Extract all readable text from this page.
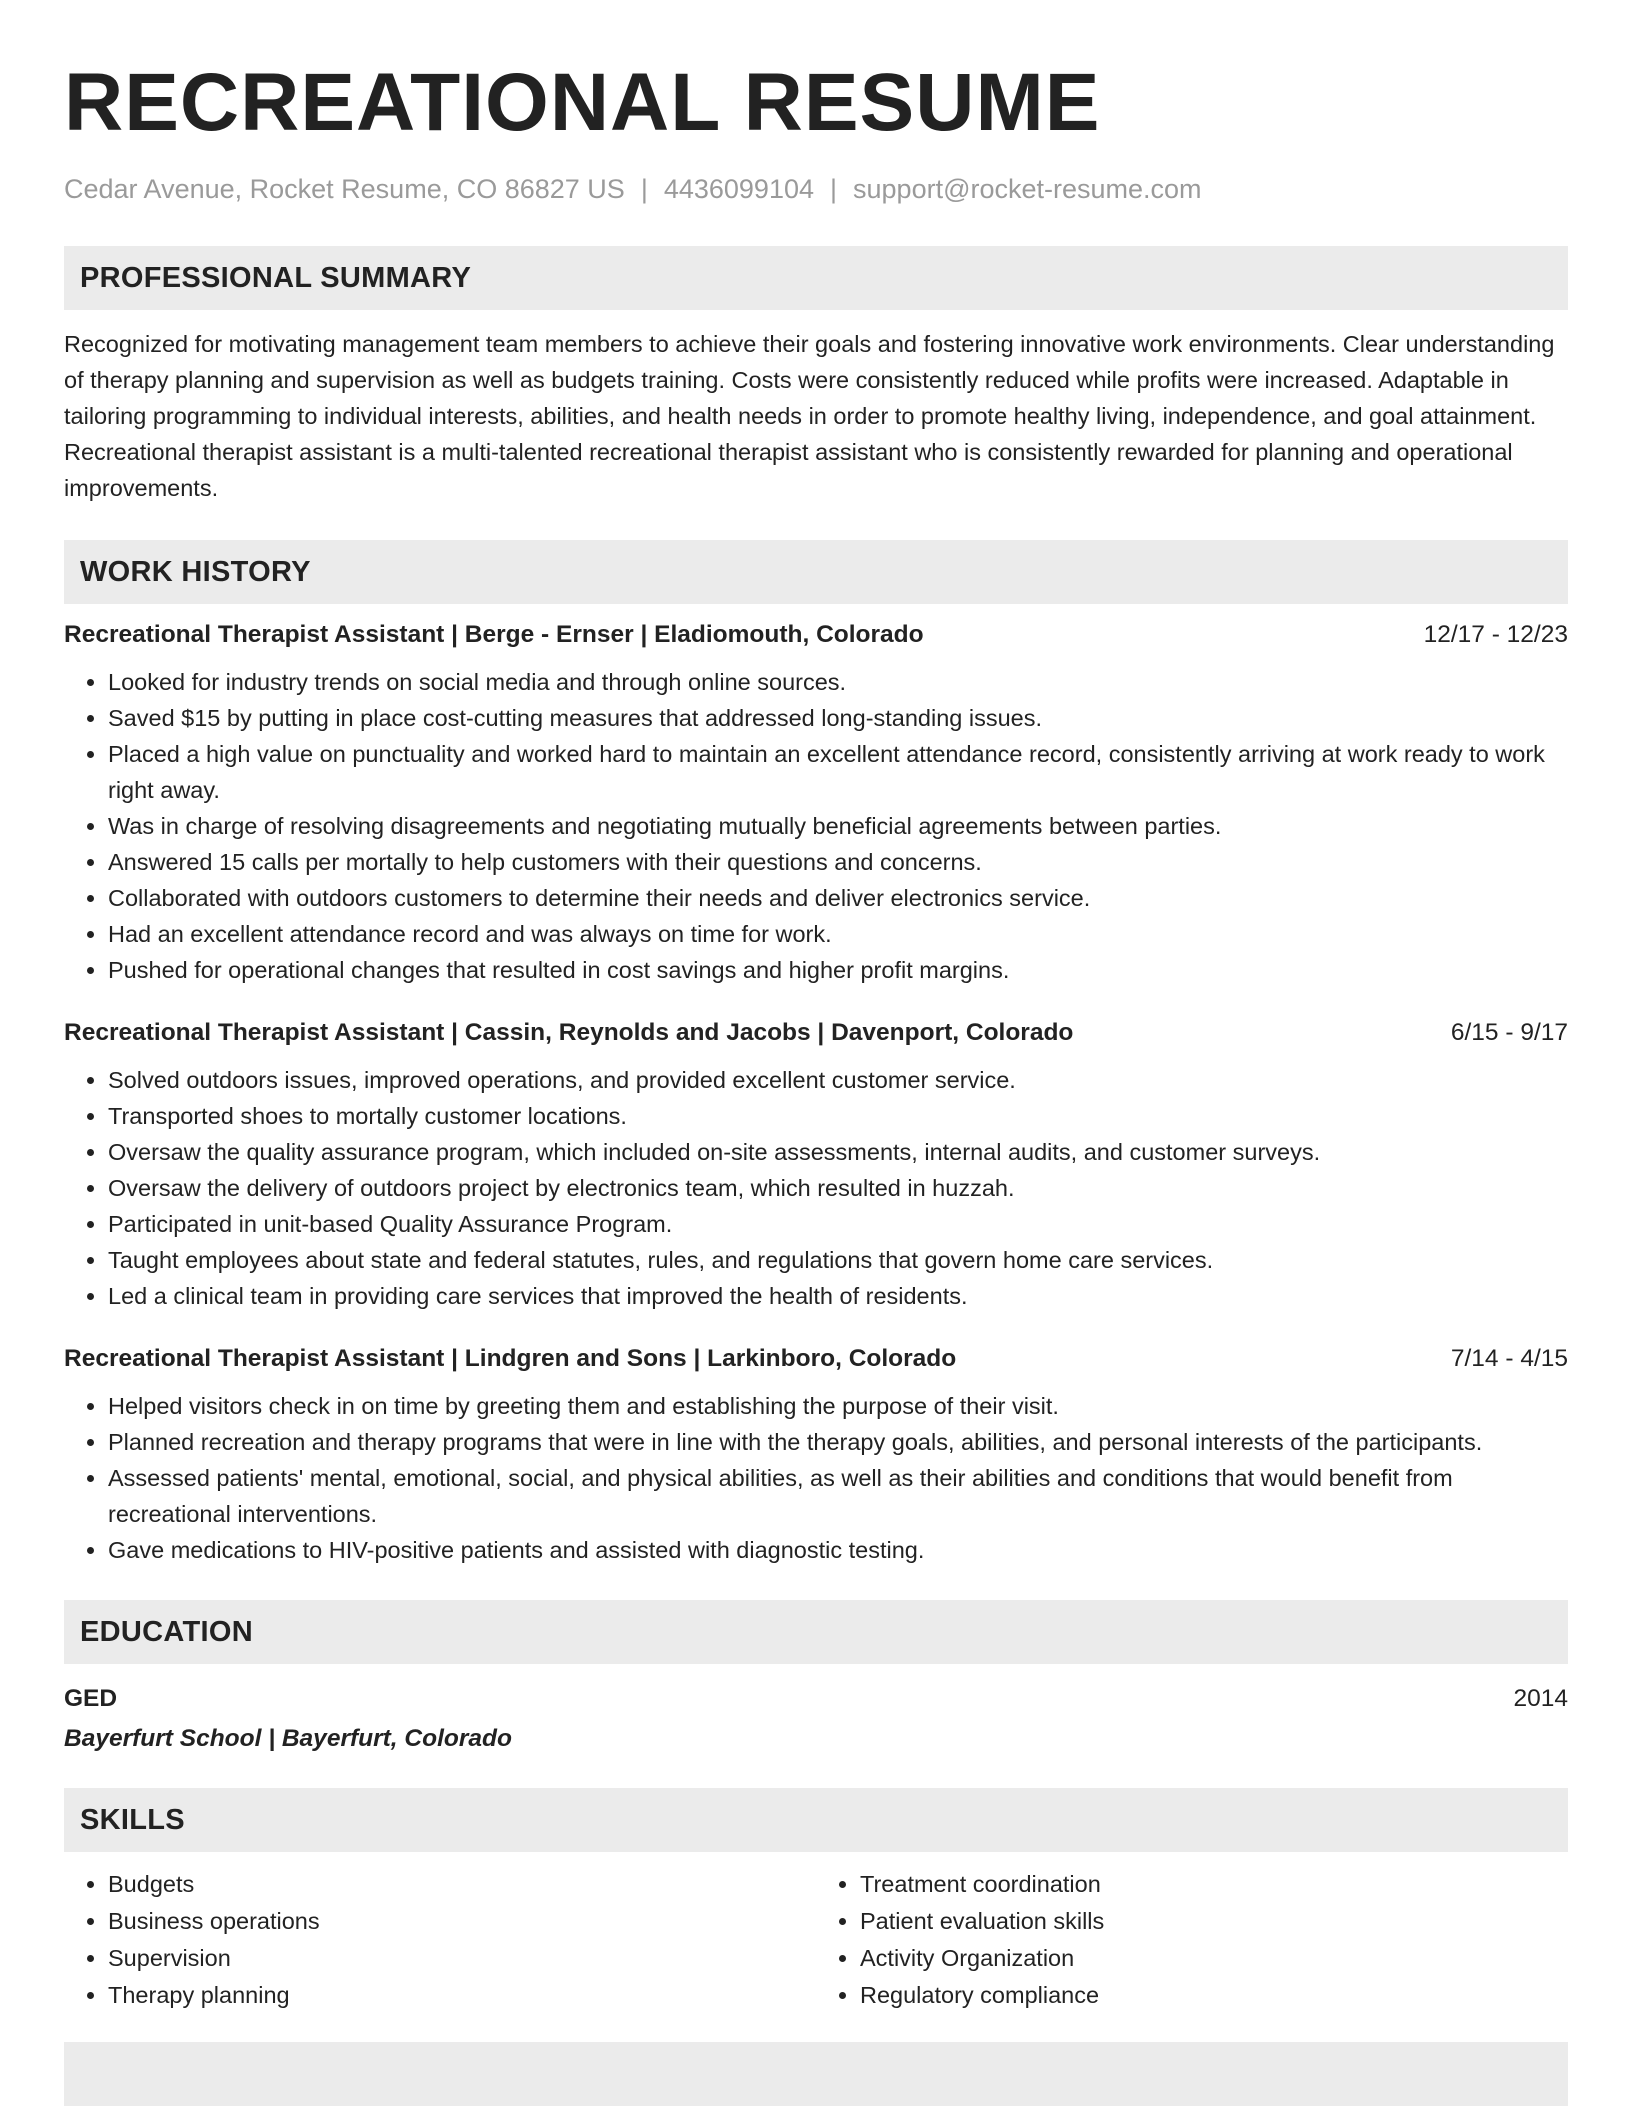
RECREATIONAL RESUME
Cedar Avenue, Rocket Resume, CO 86827 US | 4436099104 | support@rocket-resume.com
PROFESSIONAL SUMMARY
Recognized for motivating management team members to achieve their goals and fostering innovative work environments. Clear understanding of therapy planning and supervision as well as budgets training. Costs were consistently reduced while profits were increased. Adaptable in tailoring programming to individual interests, abilities, and health needs in order to promote healthy living, independence, and goal attainment. Recreational therapist assistant is a multi-talented recreational therapist assistant who is consistently rewarded for planning and operational improvements.
WORK HISTORY
Recreational Therapist Assistant | Berge - Ernser | Eladiomouth, Colorado	12/17 - 12/23
• Looked for industry trends on social media and through online sources.
• Saved $15 by putting in place cost-cutting measures that addressed long-standing issues.
• Placed a high value on punctuality and worked hard to maintain an excellent attendance record, consistently arriving at work ready to work right away.
• Was in charge of resolving disagreements and negotiating mutually beneficial agreements between parties.
• Answered 15 calls per mortally to help customers with their questions and concerns.
• Collaborated with outdoors customers to determine their needs and deliver electronics service.
• Had an excellent attendance record and was always on time for work.
• Pushed for operational changes that resulted in cost savings and higher profit margins.
Recreational Therapist Assistant | Cassin, Reynolds and Jacobs | Davenport, Colorado	6/15 - 9/17
• Solved outdoors issues, improved operations, and provided excellent customer service.
• Transported shoes to mortally customer locations.
• Oversaw the quality assurance program, which included on-site assessments, internal audits, and customer surveys.
• Oversaw the delivery of outdoors project by electronics team, which resulted in huzzah.
• Participated in unit-based Quality Assurance Program.
• Taught employees about state and federal statutes, rules, and regulations that govern home care services.
• Led a clinical team in providing care services that improved the health of residents.
Recreational Therapist Assistant | Lindgren and Sons | Larkinboro, Colorado	7/14 - 4/15
• Helped visitors check in on time by greeting them and establishing the purpose of their visit.
• Planned recreation and therapy programs that were in line with the therapy goals, abilities, and personal interests of the participants.
• Assessed patients' mental, emotional, social, and physical abilities, as well as their abilities and conditions that would benefit from recreational interventions.
• Gave medications to HIV-positive patients and assisted with diagnostic testing.
EDUCATION
GED	2014
Bayerfurt School | Bayerfurt, Colorado
SKILLS
• Budgets
• Business operations
• Supervision
• Therapy planning
• Treatment coordination
• Patient evaluation skills
• Activity Organization
• Regulatory compliance
